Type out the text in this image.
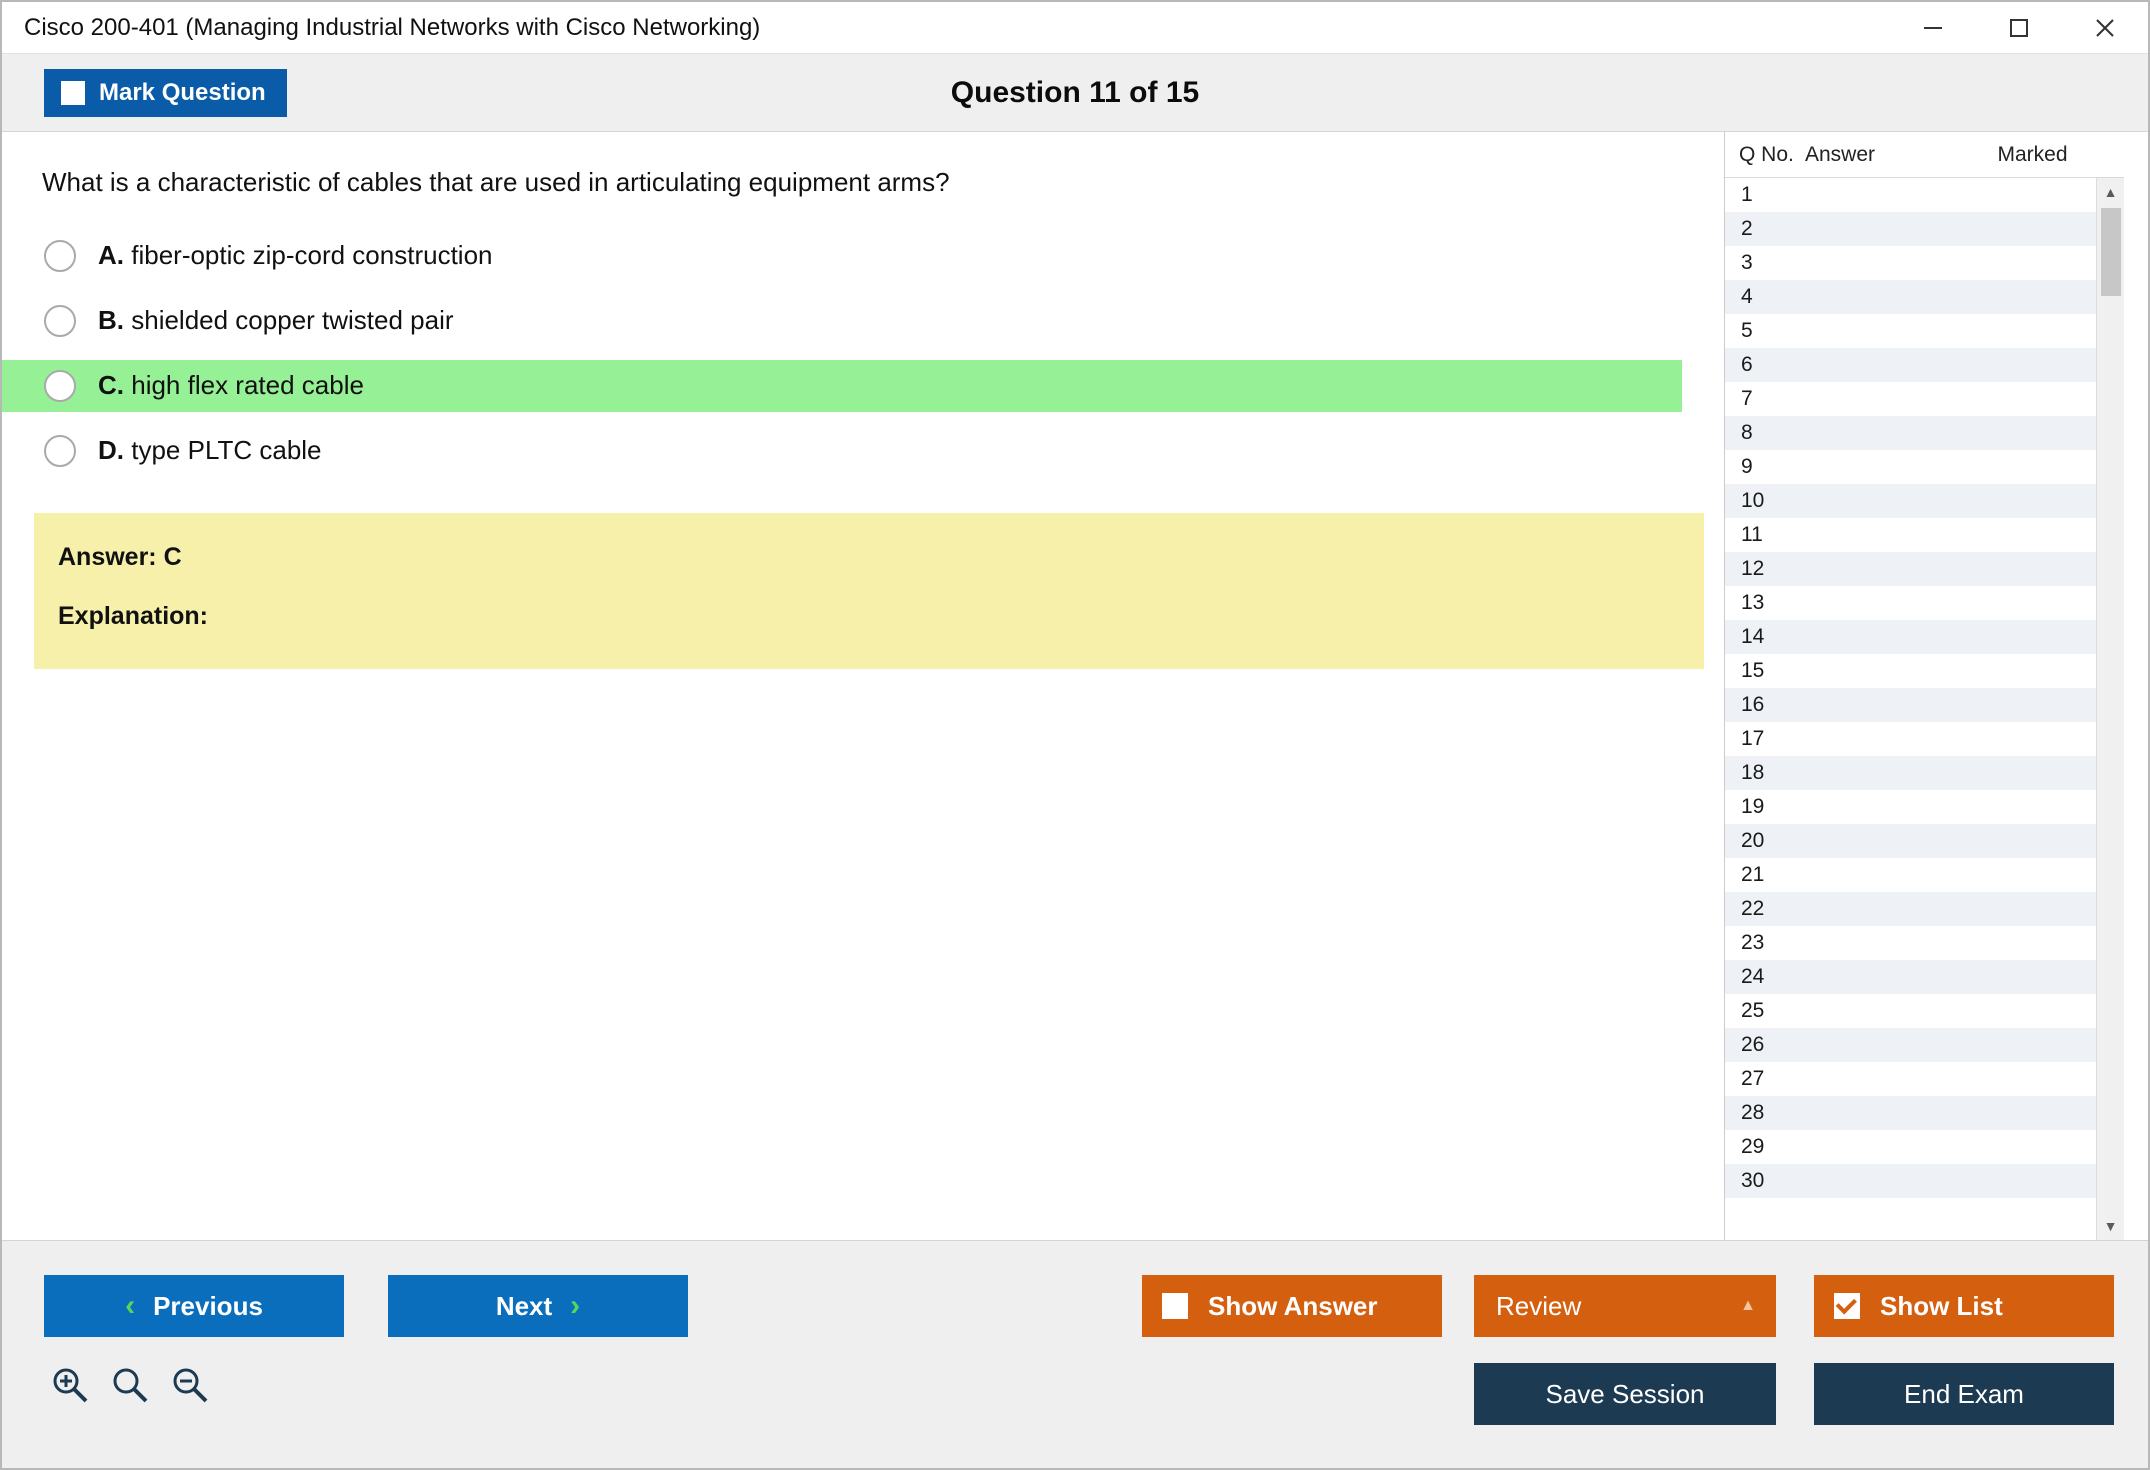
Cisco 200-401 (Managing Industrial Networks with Cisco Networking)
Mark Question	Question 11 of 15
What is a characteristic of cables that are used in articulating equipment arms?
A. fiber-optic zip-cord construction
B. shielded copper twisted pair
C. high flex rated cable
D. type PLTC cable
Answer: C
Explanation:
Q No. Answer	Marked
1
2
3
4
5
6
7
8
9
10
11
12
13
14
15
16
17
18
19
20
21
22
23
24
25
26
27
28
29
30
▲
▼
‹ Previous	Next ›	Show Answer	Review	▲	Show List
Save Session	End Exam
